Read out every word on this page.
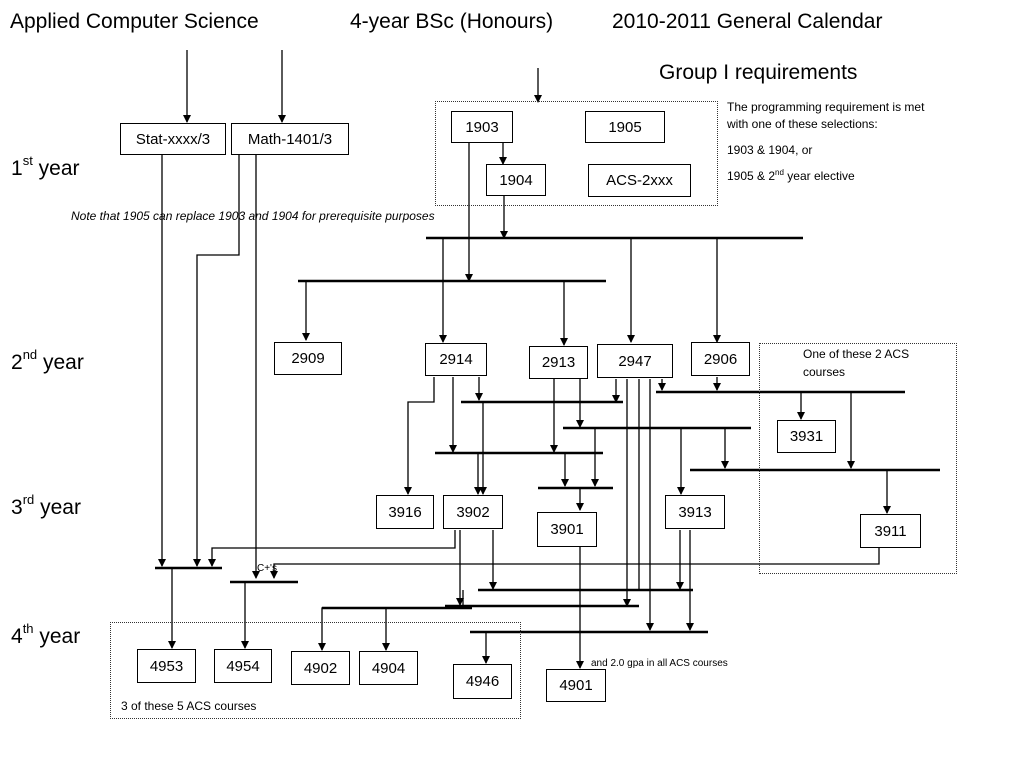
Applied Computer Science	4-year BSc (Honours)	2010-2011 General Calendar
Group I requirements
1st year
2nd year
3rd year
4th year
Note that 1905 can replace 1903 and 1904 for prerequisite purposes
The programming requirement is met
with one of these selections:
1903 & 1904, or
1905 & 2nd year elective
One of these 2 ACS
courses
C+'s
and 2.0 gpa in all ACS courses
3 of these 5 ACS courses
Stat-xxxx/3	Math-1401/3
1903	1905
1904	ACS-2xxx
2909	2914	2913	2947	2906
3931
3916	3902
3901
3913
3911
4953	4954	4902	4904
4946	4901
